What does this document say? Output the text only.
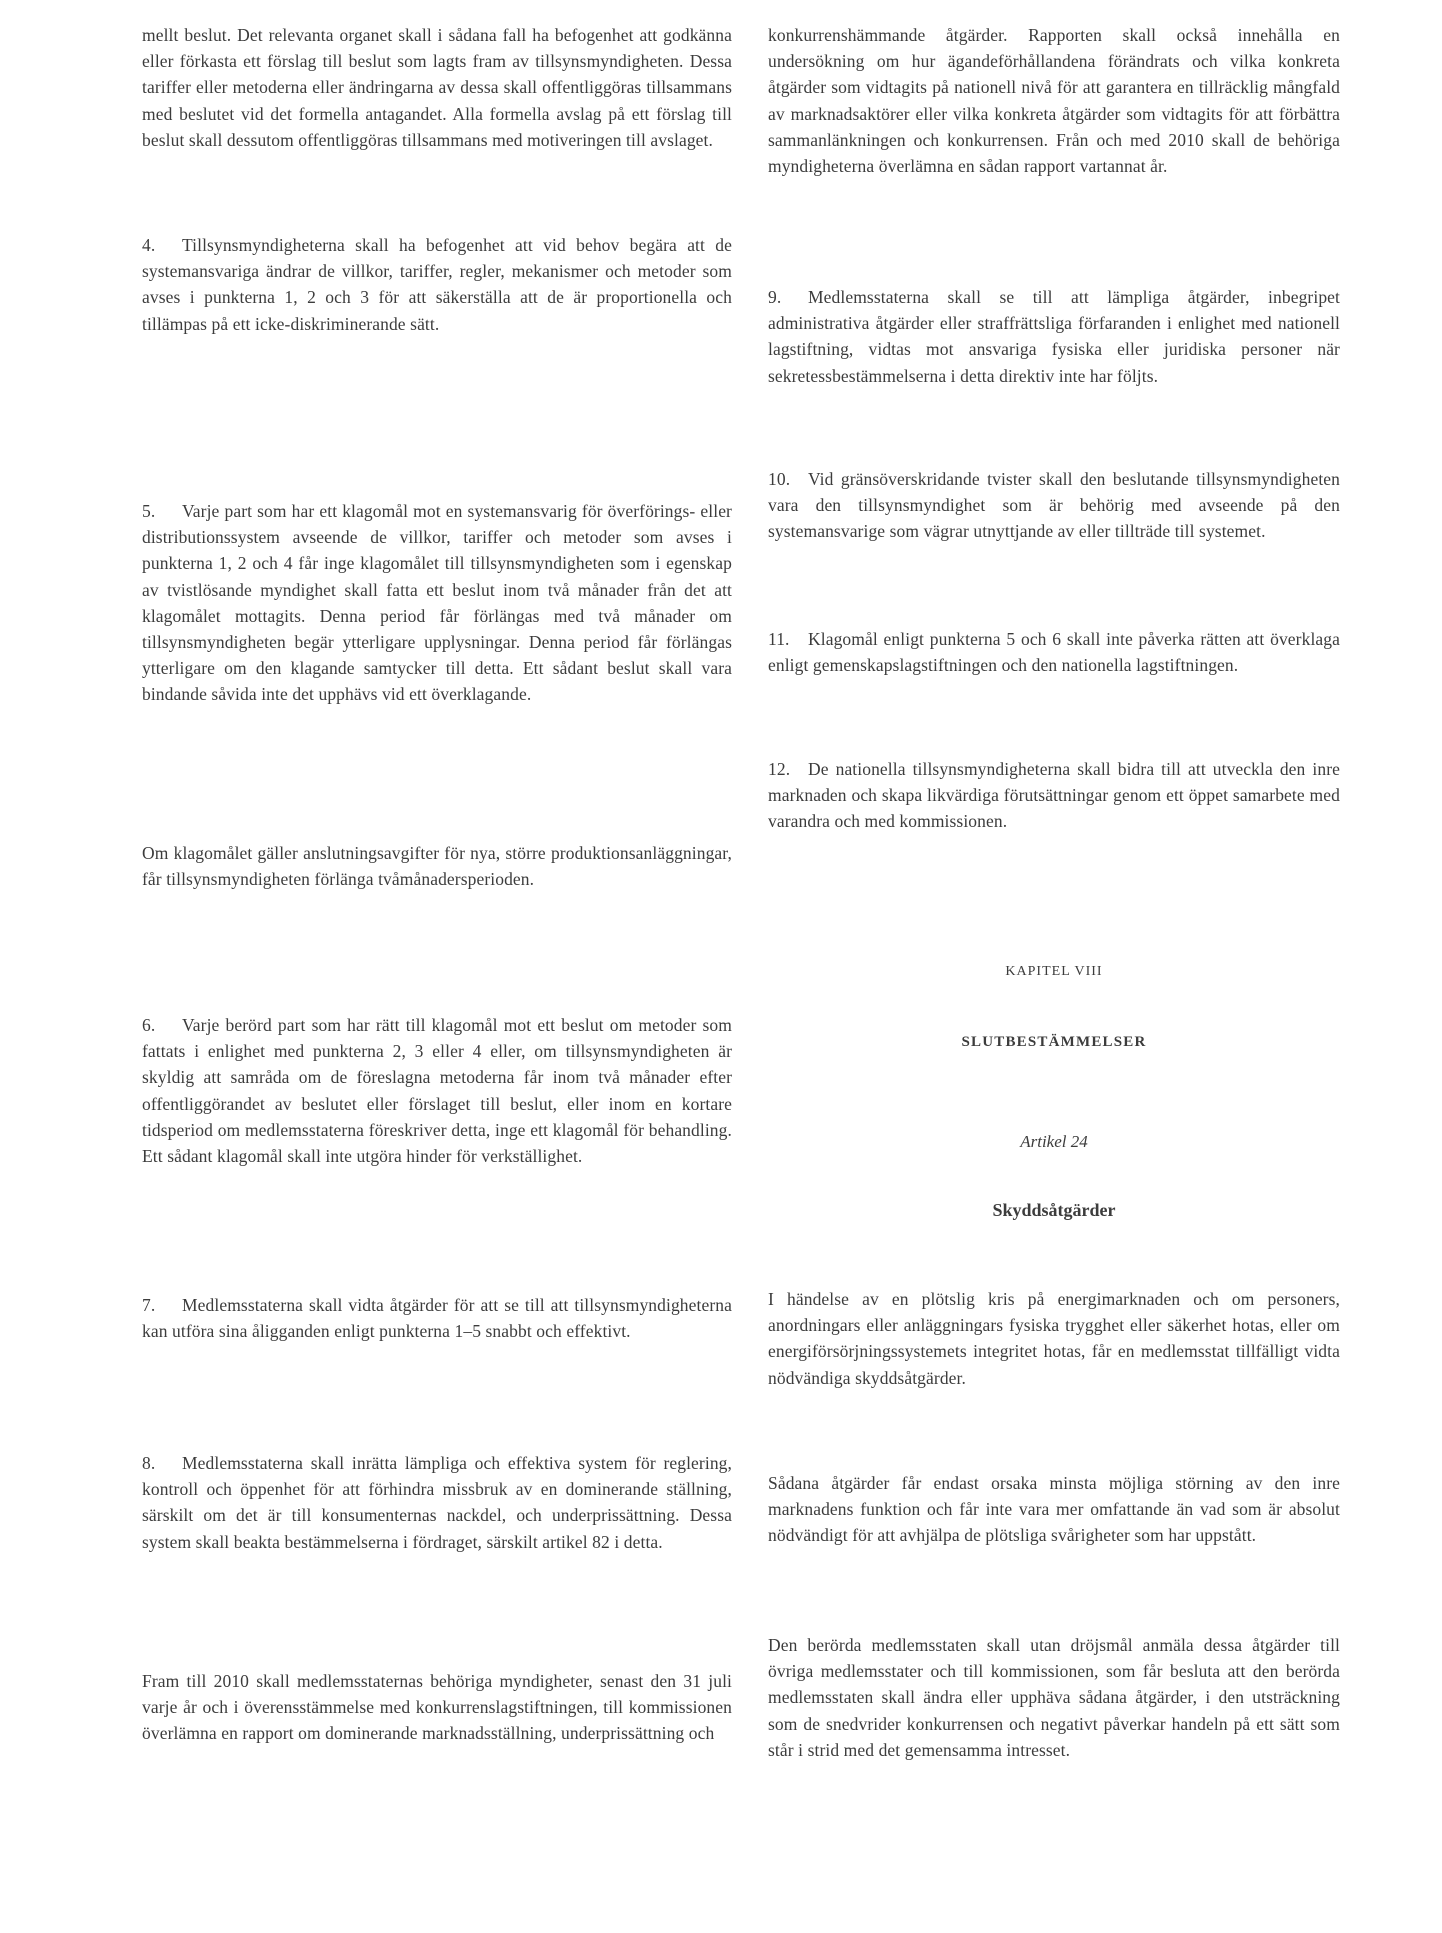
mellt beslut. Det relevanta organet skall i sådana fall ha befogenhet att godkänna eller förkasta ett förslag till beslut som lagts fram av tillsynsmyndigheten. Dessa tariffer eller metoderna eller ändringarna av dessa skall offentliggöras tillsammans med beslutet vid det formella antagandet. Alla formella avslag på ett förslag till beslut skall dessutom offentliggöras tillsammans med motiveringen till avslaget.

4. Tillsynsmyndigheterna skall ha befogenhet att vid behov begära att de systemansvariga ändrar de villkor, tariffer, regler, mekanismer och metoder som avses i punkterna 1, 2 och 3 för att säkerställa att de är proportionella och tillämpas på ett icke-diskriminerande sätt.

5. Varje part som har ett klagomål mot en systemansvarig för överförings- eller distributionssystem avseende de villkor, tariffer och metoder som avses i punkterna 1, 2 och 4 får inge klagomålet till tillsynsmyndigheten som i egenskap av tvistlösande myndighet skall fatta ett beslut inom två månader från det att klagomålet mottagits. Denna period får förlängas med två månader om tillsynsmyndigheten begär ytterligare upplysningar. Denna period får förlängas ytterligare om den klagande samtycker till detta. Ett sådant beslut skall vara bindande såvida inte det upphävs vid ett överklagande.

Om klagomålet gäller anslutningsavgifter för nya, större produktionsanläggningar, får tillsynsmyndigheten förlänga tvåmånadersperioden.

6. Varje berörd part som har rätt till klagomål mot ett beslut om metoder som fattats i enlighet med punkterna 2, 3 eller 4 eller, om tillsynsmyndigheten är skyldig att samråda om de föreslagna metoderna får inom två månader efter offentliggörandet av beslutet eller förslaget till beslut, eller inom en kortare tidsperiod om medlemsstaterna föreskriver detta, inge ett klagomål för behandling. Ett sådant klagomål skall inte utgöra hinder för verkställighet.

7. Medlemsstaterna skall vidta åtgärder för att se till att tillsynsmyndigheterna kan utföra sina åligganden enligt punkterna 1–5 snabbt och effektivt.

8. Medlemsstaterna skall inrätta lämpliga och effektiva system för reglering, kontroll och öppenhet för att förhindra missbruk av en dominerande ställning, särskilt om det är till konsumenternas nackdel, och underprissättning. Dessa system skall beakta bestämmelserna i fördraget, särskilt artikel 82 i detta.

Fram till 2010 skall medlemsstaternas behöriga myndigheter, senast den 31 juli varje år och i överensstämmelse med konkurrenslagstiftningen, till kommissionen överlämna en rapport om dominerande marknadsställning, underprissättning och

konkurrenshämmande åtgärder. Rapporten skall också innehålla en undersökning om hur ägandeförhållandena förändrats och vilka konkreta åtgärder som vidtagits på nationell nivå för att garantera en tillräcklig mångfald av marknadsaktörer eller vilka konkreta åtgärder som vidtagits för att förbättra sammanlänkningen och konkurrensen. Från och med 2010 skall de behöriga myndigheterna överlämna en sådan rapport vartannat år.

9. Medlemsstaterna skall se till att lämpliga åtgärder, inbegripet administrativa åtgärder eller straffrättsliga förfaranden i enlighet med nationell lagstiftning, vidtas mot ansvariga fysiska eller juridiska personer när sekretessbestämmelserna i detta direktiv inte har följts.

10. Vid gränsöverskridande tvister skall den beslutande tillsynsmyndigheten vara den tillsynsmyndighet som är behörig med avseende på den systemansvarige som vägrar utnyttjande av eller tillträde till systemet.

11. Klagomål enligt punkterna 5 och 6 skall inte påverka rätten att överklaga enligt gemenskapslagstiftningen och den nationella lagstiftningen.

12. De nationella tillsynsmyndigheterna skall bidra till att utveckla den inre marknaden och skapa likvärdiga förutsättningar genom ett öppet samarbete med varandra och med kommissionen.

KAPITEL VIII
SLUTBESTÄMMELSER
Artikel 24
Skyddsåtgärder

I händelse av en plötslig kris på energimarknaden och om personers, anordningars eller anläggningars fysiska trygghet eller säkerhet hotas, eller om energiförsörjningssystemets integritet hotas, får en medlemsstat tillfälligt vidta nödvändiga skyddsåtgärder.

Sådana åtgärder får endast orsaka minsta möjliga störning av den inre marknadens funktion och får inte vara mer omfattande än vad som är absolut nödvändigt för att avhjälpa de plötsliga svårigheter som har uppstått.

Den berörda medlemsstaten skall utan dröjsmål anmäla dessa åtgärder till övriga medlemsstater och till kommissionen, som får besluta att den berörda medlemsstaten skall ändra eller upphäva sådana åtgärder, i den utsträckning som de snedvrider konkurrensen och negativt påverkar handeln på ett sätt som står i strid med det gemensamma intresset.
